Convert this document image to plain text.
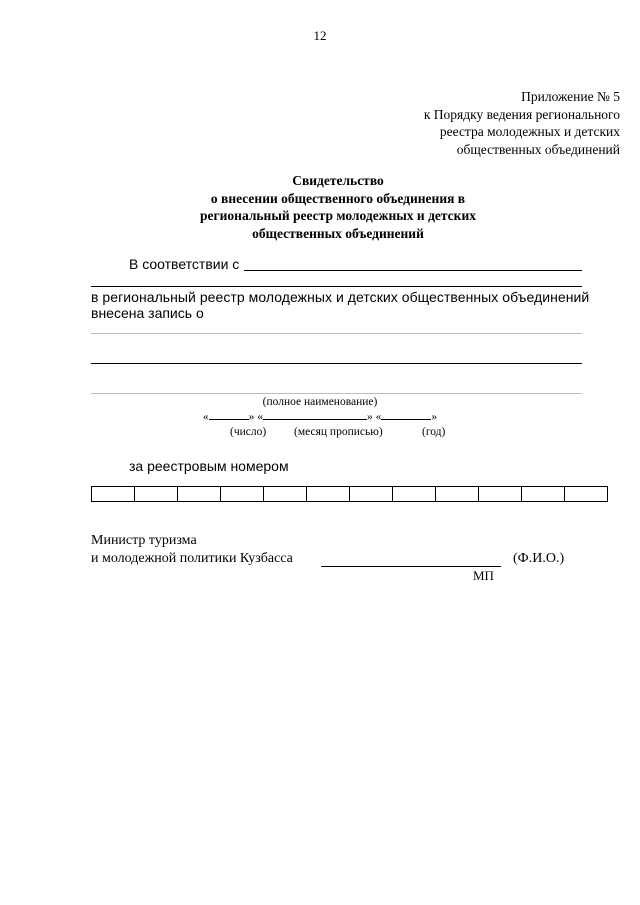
12
Приложение № 5
к Порядку ведения регионального
реестра молодежных и детских
общественных объединений
Свидетельство
о внесении общественного объединения в
региональный реестр молодежных и детских
общественных объединений
В соответствии с
в региональный реестр молодежных и детских общественных объединений
внесена запись о
(полное наименование)
«	» «	» «	»
(число) (месяц прописью)	(год)
за реестровым номером

Министр туризма
и молодежной политики Кузбасса	(Ф.И.О.)
МП
